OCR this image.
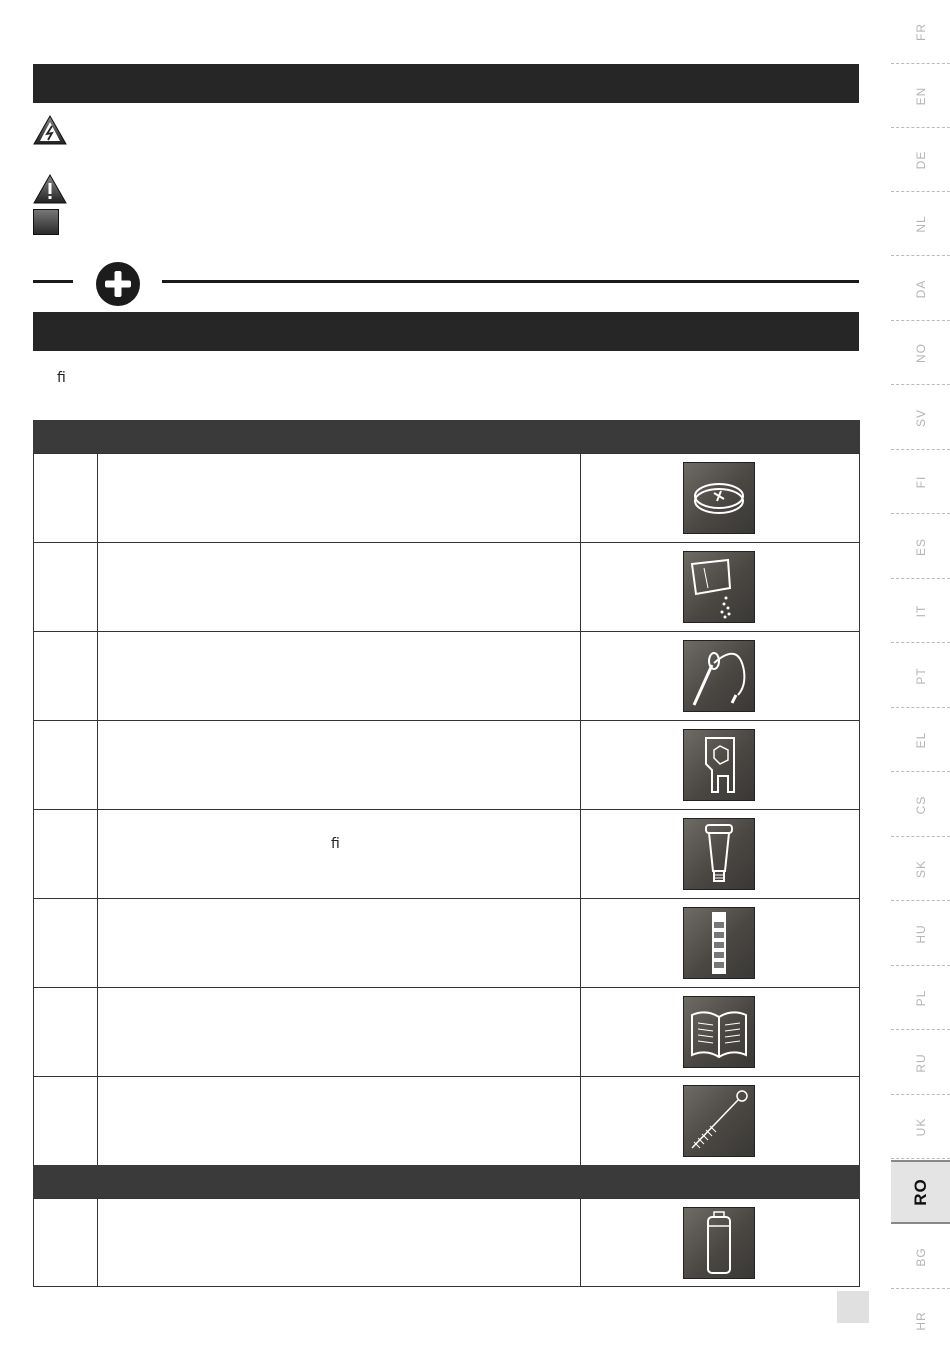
ﬁ
ﬁ
FR
EN
DE
NL
DA
NO
SV
FI
ES
IT
PT
EL
CS
SK
HU
PL
RU
UK
RO
BG
HR
